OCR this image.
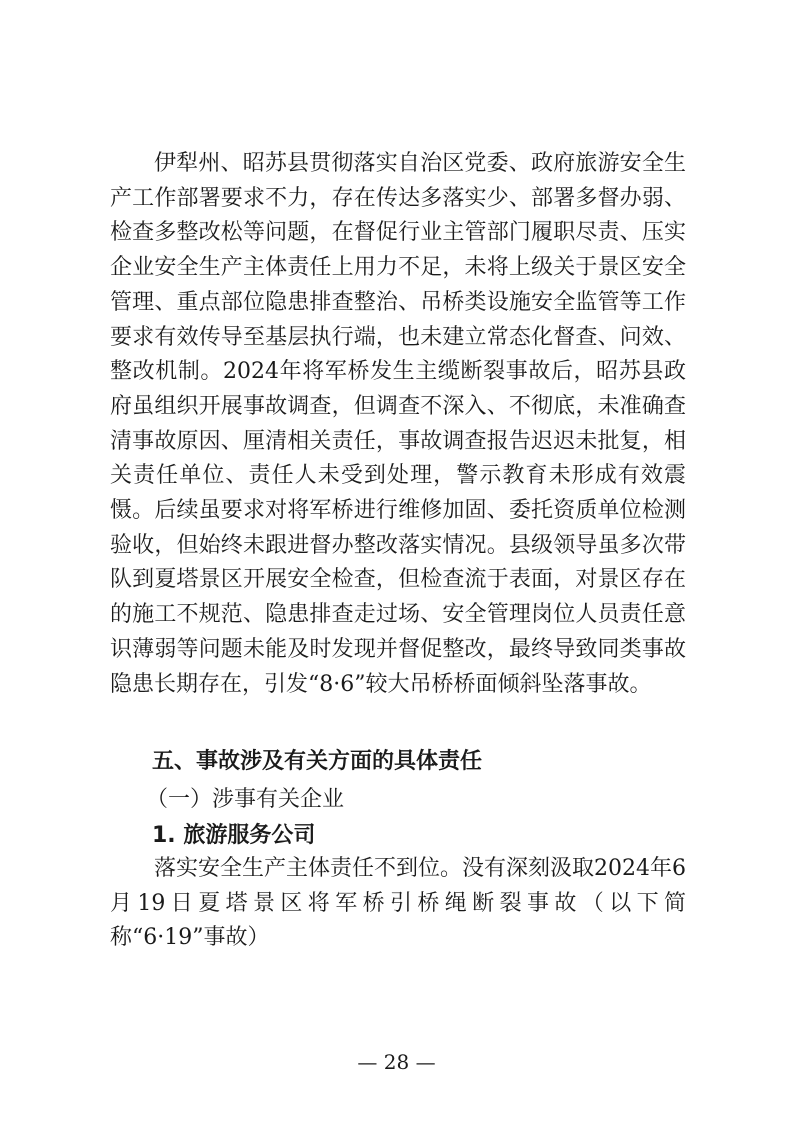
伊犁州、昭苏县贯彻落实自治区党委、政府旅游安全生产工作部署要求不力，存在传达多落实少、部署多督办弱、检查多整改松等问题，在督促行业主管部门履职尽责、压实企业安全生产主体责任上用力不足，未将上级关于景区安全管理、重点部位隐患排查整治、吊桥类设施安全监管等工作要求有效传导至基层执行端，也未建立常态化督查、问效、整改机制。2024年将军桥发生主缆断裂事故后，昭苏县政府虽组织开展事故调查，但调查不深入、不彻底，未准确查清事故原因、厘清相关责任，事故调查报告迟迟未批复，相关责任单位、责任人未受到处理，警示教育未形成有效震慑。后续虽要求对将军桥进行维修加固、委托资质单位检测验收，但始终未跟进督办整改落实情况。县级领导虽多次带队到夏塔景区开展安全检查，但检查流于表面，对景区存在的施工不规范、隐患排查走过场、安全管理岗位人员责任意识薄弱等问题未能及时发现并督促整改，最终导致同类事故隐患长期存在，引发“8·6”较大吊桥桥面倾斜坠落事故。

五、事故涉及有关方面的具体责任
（一）涉事有关企业
1. 旅游服务公司

落实安全生产主体责任不到位。没有深刻汲取2024年6月19日夏塔景区将军桥引桥绳断裂事故（以下简称“6·19”事故）

— 28 —
